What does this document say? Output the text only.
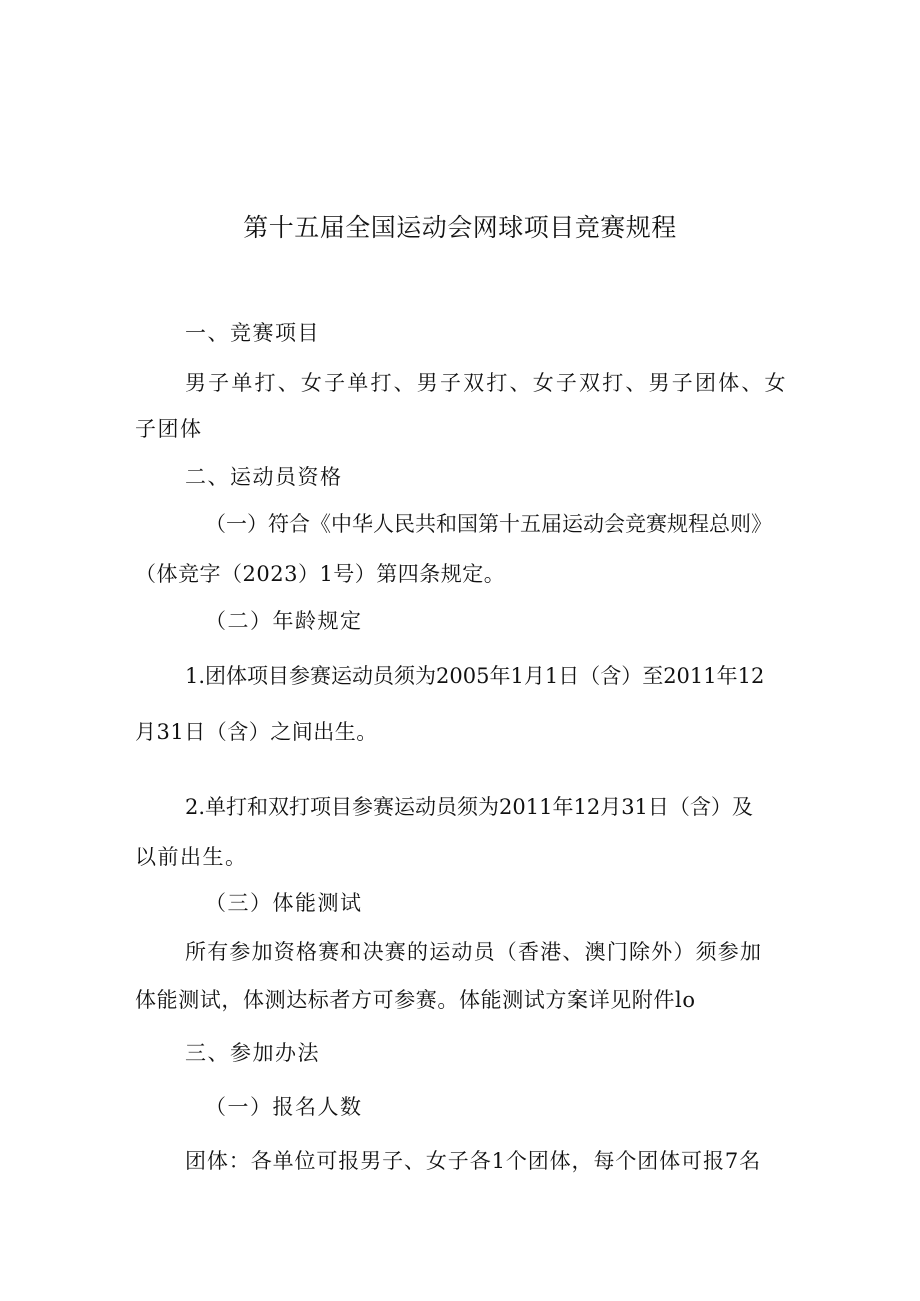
第十五届全国运动会网球项目竞赛规程
一、竞赛项目
男子单打、女子单打、男子双打、女子双打、男子团体、女
子团体
二、运动员资格
（一）符合《中华人民共和国第十五届运动会竞赛规程总则》
（体竞字（2023）1号）第四条规定。
（二）年龄规定
1.团体项目参赛运动员须为2005年1月1日（含）至2011年12
月31日（含）之间出生。
2.单打和双打项目参赛运动员须为2011年12月31日（含）及
以前出生。
（三）体能测试
所有参加资格赛和决赛的运动员（香港、澳门除外）须参加
体能测试，体测达标者方可参赛。体能测试方案详见附件lo
三、参加办法
（一）报名人数
团体：各单位可报男子、女子各1个团体，每个团体可报7名
